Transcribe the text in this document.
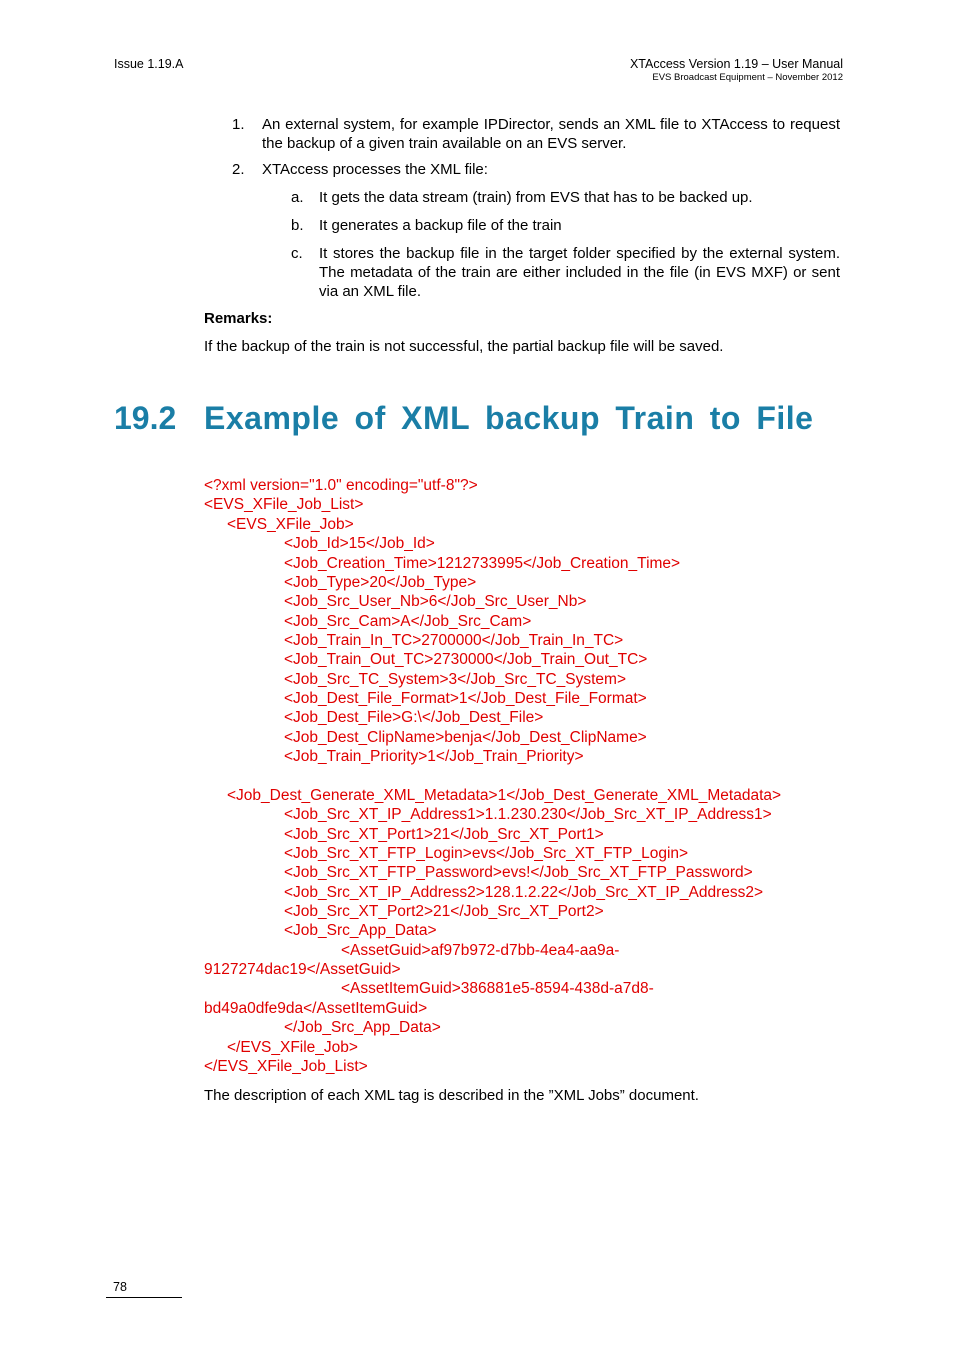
Issue 1.19.A	XTAccess Version 1.19 – User Manual
EVS Broadcast Equipment – November 2012
1. An external system, for example IPDirector, sends an XML file to XTAccess to request the backup of a given train available on an EVS server.
2. XTAccess processes the XML file:
a. It gets the data stream (train) from EVS that has to be backed up.
b. It generates a backup file of the train
c. It stores the backup file in the target folder specified by the external system. The metadata of the train are either included in the file (in EVS MXF) or sent via an XML file.
Remarks:
If the backup of the train is not successful, the partial backup file will be saved.
19.2 Example of XML backup Train to File
<?xml version="1.0" encoding="utf-8"?>
<EVS_XFile_Job_List>
<EVS_XFile_Job>
<Job_Id>15</Job_Id>
<Job_Creation_Time>1212733995</Job_Creation_Time>
<Job_Type>20</Job_Type>
<Job_Src_User_Nb>6</Job_Src_User_Nb>
<Job_Src_Cam>A</Job_Src_Cam>
<Job_Train_In_TC>2700000</Job_Train_In_TC>
<Job_Train_Out_TC>2730000</Job_Train_Out_TC>
<Job_Src_TC_System>3</Job_Src_TC_System>
<Job_Dest_File_Format>1</Job_Dest_File_Format>
<Job_Dest_File>G:\</Job_Dest_File>
<Job_Dest_ClipName>benja</Job_Dest_ClipName>
<Job_Train_Priority>1</Job_Train_Priority>
<Job_Dest_Generate_XML_Metadata>1</Job_Dest_Generate_XML_Metadata>
<Job_Src_XT_IP_Address1>1.1.230.230</Job_Src_XT_IP_Address1>
<Job_Src_XT_Port1>21</Job_Src_XT_Port1>
<Job_Src_XT_FTP_Login>evs</Job_Src_XT_FTP_Login>
<Job_Src_XT_FTP_Password>evs!</Job_Src_XT_FTP_Password>
<Job_Src_XT_IP_Address2>128.1.2.22</Job_Src_XT_IP_Address2>
<Job_Src_XT_Port2>21</Job_Src_XT_Port2>
<Job_Src_App_Data>
<AssetGuid>af97b972-d7bb-4ea4-aa9a-
9127274dac19</AssetGuid>
<AssetItemGuid>386881e5-8594-438d-a7d8-
bd49a0dfe9da</AssetItemGuid>
</Job_Src_App_Data>
</EVS_XFile_Job>
</EVS_XFile_Job_List>
The description of each XML tag is described in the ”XML Jobs” document.
78
